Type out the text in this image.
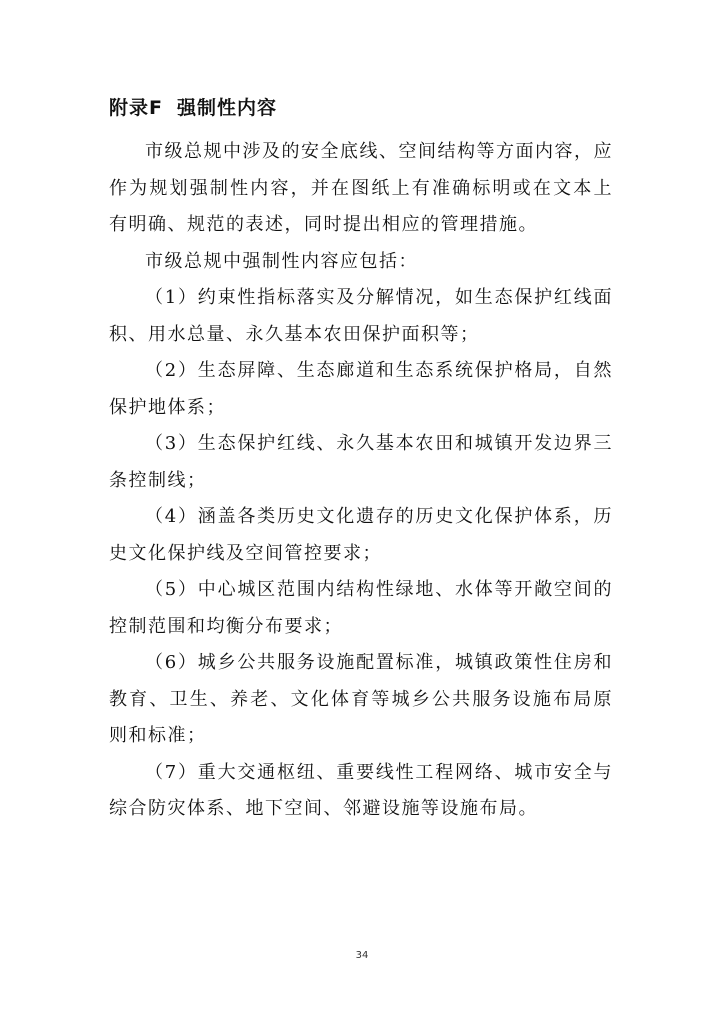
附录F 强制性内容

市级总规中涉及的安全底线、空间结构等方面内容，应作为规划强制性内容，并在图纸上有准确标明或在文本上有明确、规范的表述，同时提出相应的管理措施。

市级总规中强制性内容应包括：

（1）约束性指标落实及分解情况，如生态保护红线面积、用水总量、永久基本农田保护面积等；

（2）生态屏障、生态廊道和生态系统保护格局，自然保护地体系；

（3）生态保护红线、永久基本农田和城镇开发边界三条控制线；

（4）涵盖各类历史文化遗存的历史文化保护体系，历史文化保护线及空间管控要求；

（5）中心城区范围内结构性绿地、水体等开敞空间的控制范围和均衡分布要求；

（6）城乡公共服务设施配置标准，城镇政策性住房和教育、卫生、养老、文化体育等城乡公共服务设施布局原则和标准；

（7）重大交通枢纽、重要线性工程网络、城市安全与综合防灾体系、地下空间、邻避设施等设施布局。

34
